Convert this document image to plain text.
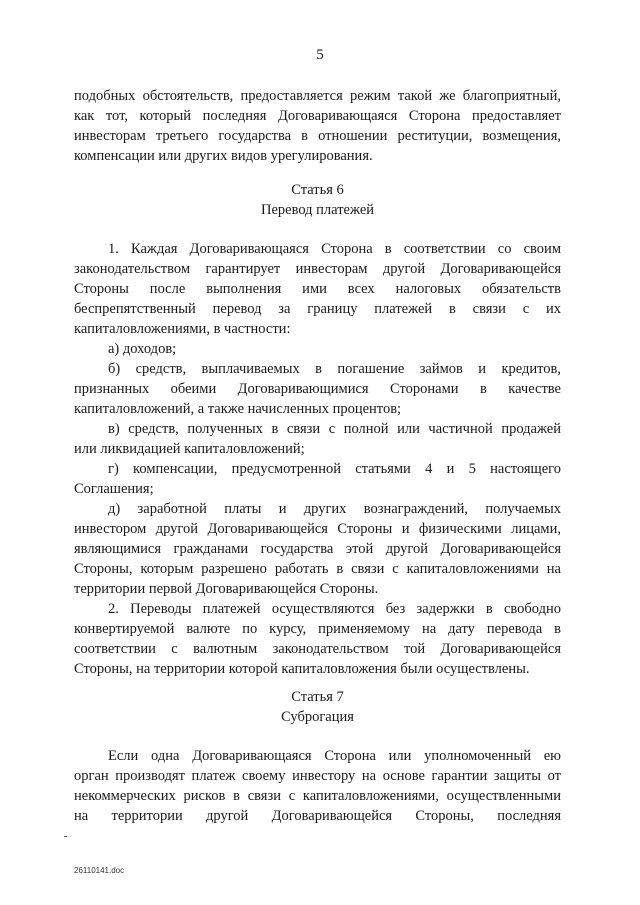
5

подобных обстоятельств, предоставляется режим такой же благоприятный,
как тот, который последняя Договаривающаяся Сторона предоставляет
инвесторам третьего государства в отношении реституции, возмещения,
компенсации или других видов урегулирования.

Статья 6

Перевод платежей

1. Каждая Договаривающаяся Сторона в соответствии со своим
законодательством гарантирует инвесторам другой Договаривающейся
Стороны после выполнения ими всех налоговых обязательств
беспрепятственный перевод за границу платежей в связи с их
капиталовложениями, в частности:

а) доходов;

б) средств, выплачиваемых в погашение займов и кредитов,
признанных обеими Договаривающимися Сторонами в качестве
капиталовложений, а также начисленных процентов;

в) средств, полученных в связи с полной или частичной продажей
или ликвидацией капиталовложений;

г) компенсации, предусмотренной статьями 4 и 5 настоящего
Соглашения;

д) заработной платы и других вознаграждений, получаемых
инвестором другой Договаривающейся Стороны и физическими лицами,
являющимися гражданами государства этой другой Договаривающейся
Стороны, которым разрешено работать в связи с капиталовложениями на
территории первой Договаривающейся Стороны.

2. Переводы платежей осуществляются без задержки в свободно
конвертируемой валюте по курсу, применяемому на дату перевода в
соответствии с валютным законодательством той Договаривающейся
Стороны, на территории которой капиталовложения были осуществлены.

Статья 7

Суброгация

Если одна Договаривающаяся Сторона или уполномоченный ею
орган производят платеж своему инвестору на основе гарантии защиты от
некоммерческих рисков в связи с капиталовложениями, осуществленными
на территории другой Договаривающейся Стороны, последняя

26110141.doc
